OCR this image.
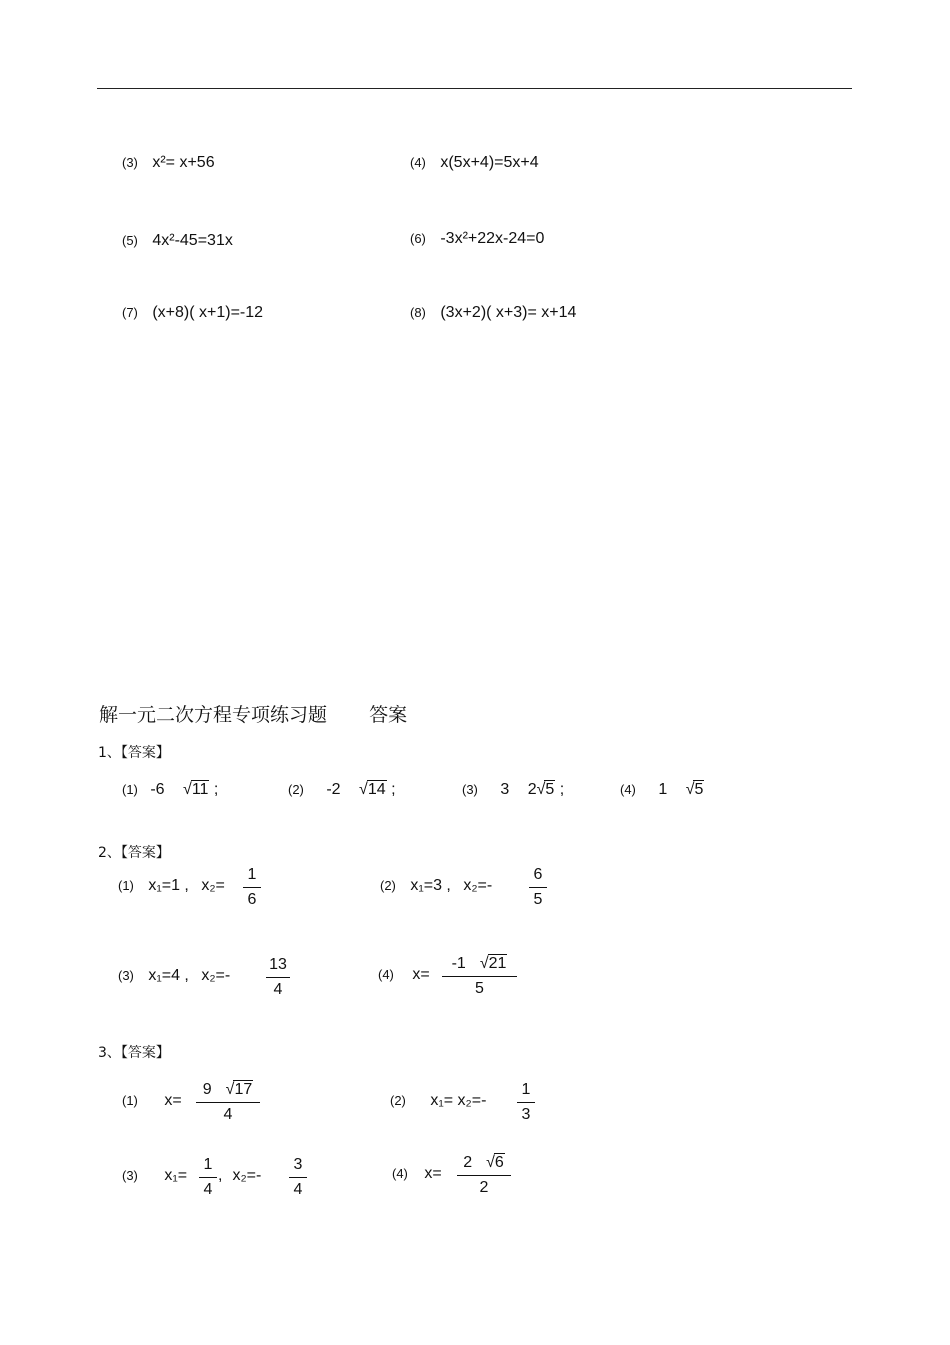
(3) x²= x+56	(4) x(5x+4)=5x+4
(5) 4x²-45=31x	(6) -3x²+22x-24=0
(7) (x+8)( x+1)=-12	(8) (3x+2)( x+3)= x+14
解一元二次方程专项练习题 答案
1、【答案】
(1) -6 √11 ;	(2) -2 √14 ;	(3) 3 2√5 ;	(4) 1 √5
2、【答案】
(1) x₁=1 , x₂=
1
6
(2) x₁=3 , x₂=-
6
5
(3) x₁=4 , x₂=-
13
4
(4) x=
-1 √21
5
3、【答案】
(1) x=
9 √17
4
(2) x₁= x₂=-
1
3
(3) x₁=
1
4
, x₂=-
3
4
(4) x=
2 √6
2
